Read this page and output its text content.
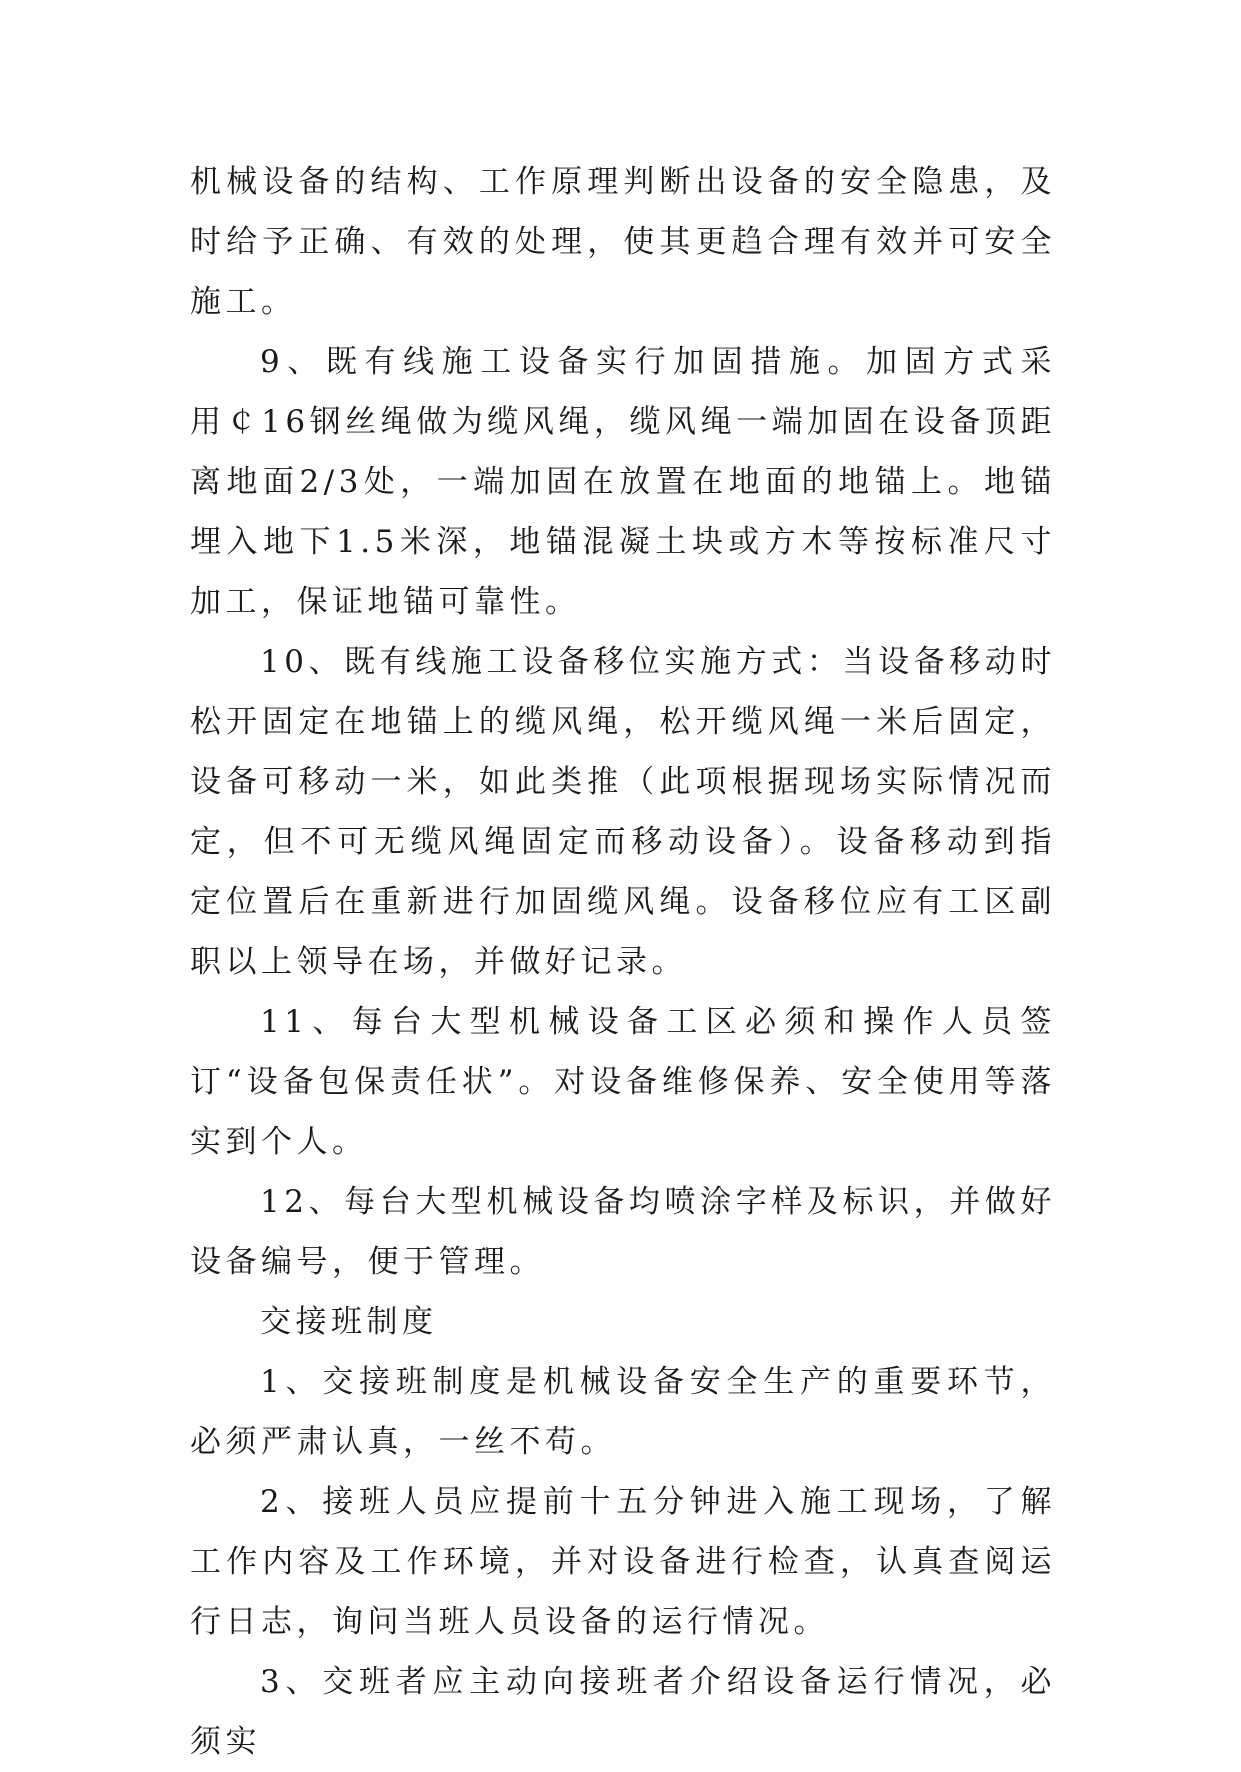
机械设备的结构、工作原理判断出设备的安全隐患，及时给予正确、有效的处理，使其更趋合理有效并可安全施工。

9、既有线施工设备实行加固措施。加固方式采用￠16钢丝绳做为缆风绳，缆风绳一端加固在设备顶距离地面2/3处，一端加固在放置在地面的地锚上。地锚埋入地下1.5米深，地锚混凝土块或方木等按标准尺寸加工，保证地锚可靠性。

10、既有线施工设备移位实施方式：当设备移动时松开固定在地锚上的缆风绳，松开缆风绳一米后固定，设备可移动一米，如此类推（此项根据现场实际情况而定，但不可无缆风绳固定而移动设备）。设备移动到指定位置后在重新进行加固缆风绳。设备移位应有工区副职以上领导在场，并做好记录。

11、每台大型机械设备工区必须和操作人员签订“设备包保责任状”。对设备维修保养、安全使用等落实到个人。

12、每台大型机械设备均喷涂字样及标识，并做好设备编号，便于管理。

交接班制度

1、交接班制度是机械设备安全生产的重要环节，必须严肃认真，一丝不苟。

2、接班人员应提前十五分钟进入施工现场，了解工作内容及工作环境，并对设备进行检查，认真查阅运行日志，询问当班人员设备的运行情况。

3、交班者应主动向接班者介绍设备运行情况，必须实
